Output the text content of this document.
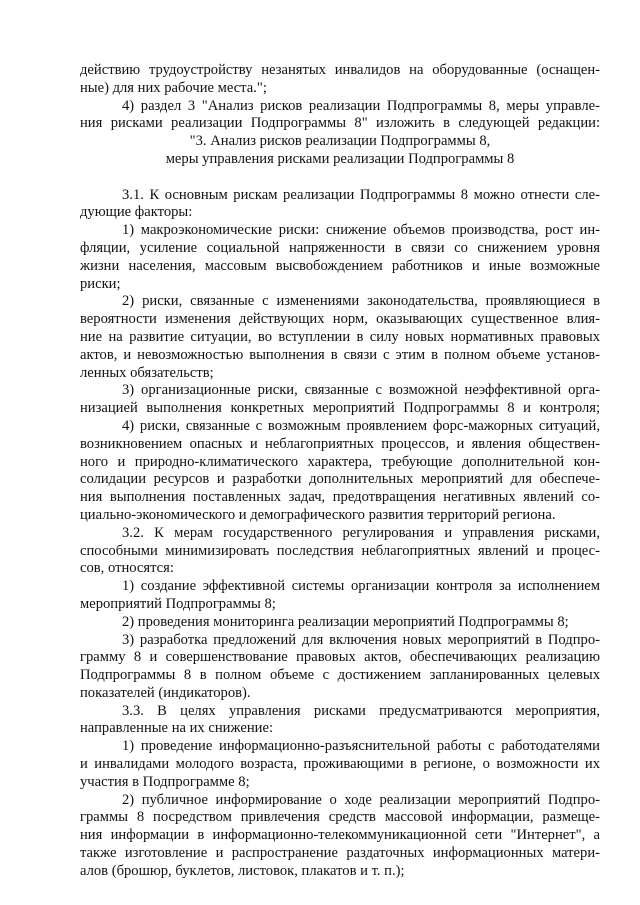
действию трудоустройству незанятых инвалидов на оборудованные (оснащен-

ные) для них рабочие места.";

4) раздел 3 "Анализ рисков реализации Подпрограммы 8, меры управле-

ния рисками реализации Подпрограммы 8" изложить в следующей редакции:

"3. Анализ рисков реализации Подпрограммы 8,

меры управления рисками реализации Подпрограммы 8

3.1. К основным рискам реализации Подпрограммы 8 можно отнести сле-

дующие факторы:

1) макроэкономические риски: снижение объемов производства, рост ин-

фляции, усиление социальной напряженности в связи со снижением уровня

жизни населения, массовым высвобождением работников и иные возможные

риски;

2) риски, связанные с изменениями законодательства, проявляющиеся в

вероятности изменения действующих норм, оказывающих существенное влия-

ние на развитие ситуации, во вступлении в силу новых нормативных правовых

актов, и невозможностью выполнения в связи с этим в полном объеме установ-

ленных обязательств;

3) организационные риски, связанные с возможной неэффективной орга-

низацией выполнения конкретных мероприятий Подпрограммы 8 и контроля;

4) риски, связанные с возможным проявлением форс-мажорных ситуаций,

возникновением опасных и неблагоприятных процессов, и явления обществен-

ного и природно-климатического характера, требующие дополнительной кон-

солидации ресурсов и разработки дополнительных мероприятий для обеспече-

ния выполнения поставленных задач, предотвращения негативных явлений со-

циально-экономического и демографического развития территорий региона.

3.2. К мерам государственного регулирования и управления рисками,

способными минимизировать последствия неблагоприятных явлений и процес-

сов, относятся:

1) создание эффективной системы организации контроля за исполнением

мероприятий Подпрограммы 8;

2) проведения мониторинга реализации мероприятий Подпрограммы 8;

3) разработка предложений для включения новых мероприятий в Подпро-

грамму 8 и совершенствование правовых актов, обеспечивающих реализацию

Подпрограммы 8 в полном объеме с достижением запланированных целевых

показателей (индикаторов).

3.3. В целях управления рисками предусматриваются мероприятия,

направленные на их снижение:

1) проведение информационно-разъяснительной работы с работодателями

и инвалидами молодого возраста, проживающими в регионе, о возможности их

участия в Подпрограмме 8;

2) публичное информирование о ходе реализации мероприятий Подпро-

граммы 8 посредством привлечения средств массовой информации, размеще-

ния информации в информационно-телекоммуникационной сети "Интернет", а

также изготовление и распространение раздаточных информационных матери-

алов (брошюр, буклетов, листовок, плакатов и т. п.);
